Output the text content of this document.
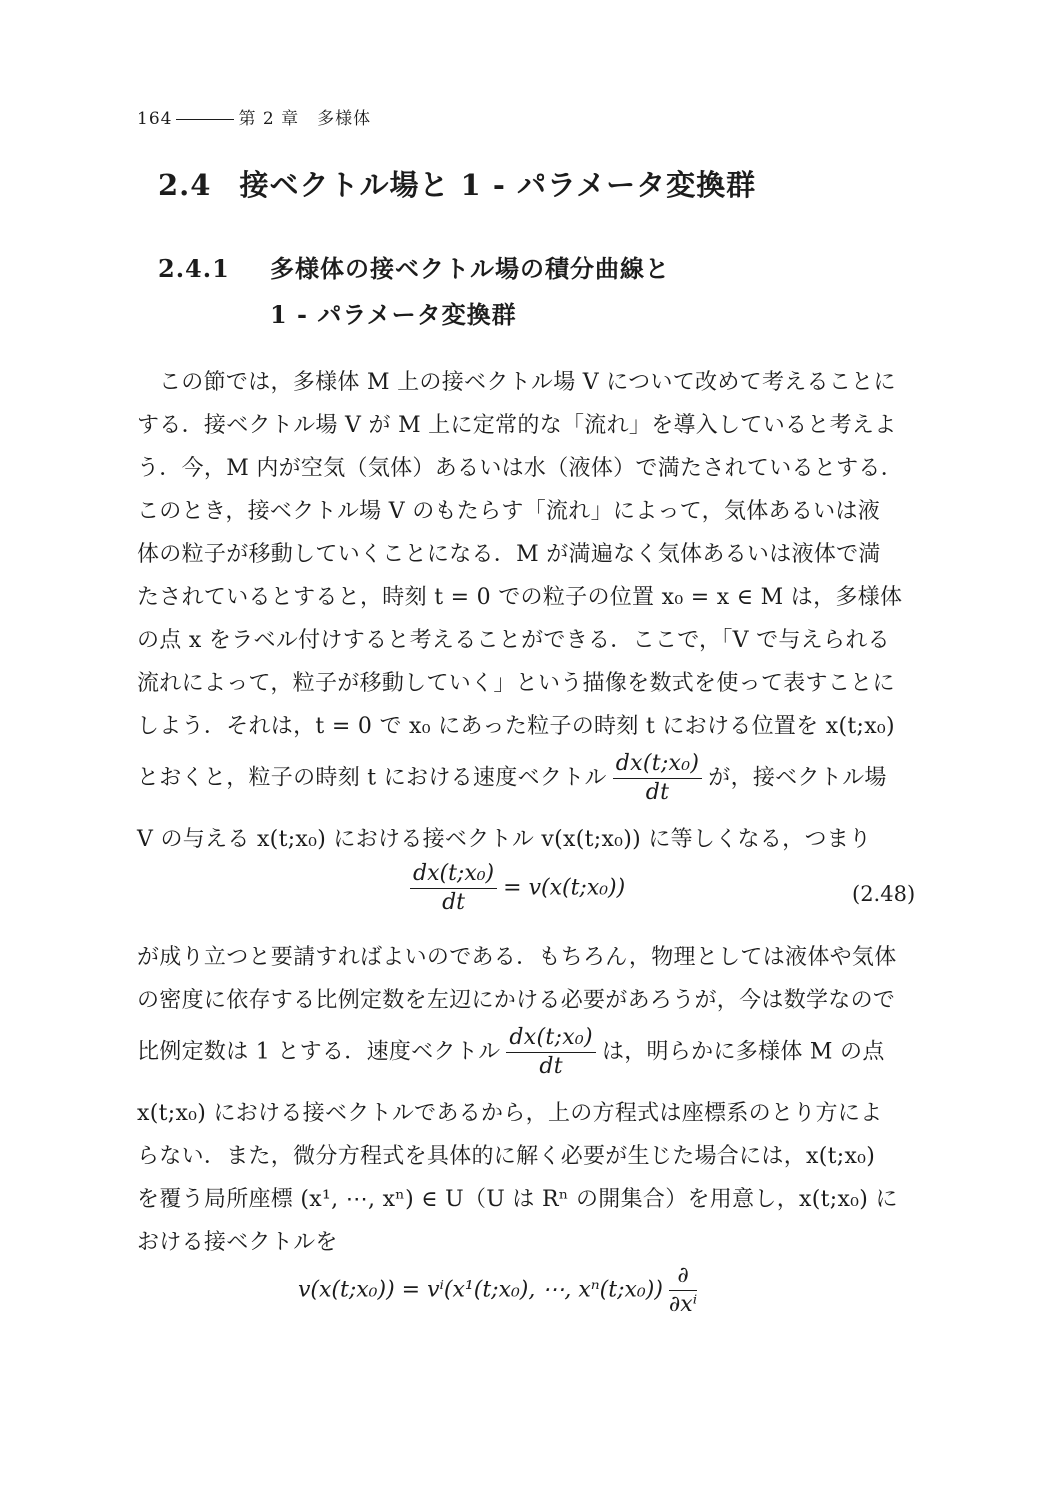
164	第 2 章　多様体
2.4 接ベクトル場と 1 - パラメータ変換群
2.4.1 多様体の接ベクトル場の積分曲線と
1 - パラメータ変換群
この節では，多様体 M 上の接ベクトル場 V について改めて考えることに
する．接ベクトル場 V が M 上に定常的な「流れ」を導入していると考えよ
う．今，M 内が空気（気体）あるいは水（液体）で満たされているとする．
このとき，接ベクトル場 V のもたらす「流れ」によって，気体あるいは液
体の粒子が移動していくことになる．M が満遍なく気体あるいは液体で満
たされているとすると，時刻 t = 0 での粒子の位置 x₀ = x ∈ M は，多様体
の点 x をラベル付けすると考えることができる．ここで，「V で与えられる
流れによって，粒子が移動していく」という描像を数式を使って表すことに
しよう．それは，t = 0 で x₀ にあった粒子の時刻 t における位置を x(t;x₀)
とおくと，粒子の時刻 t における速度ベクトル $\frac{\text{dx(t;x₀)}}{dt}$ が，接ベクトル場
V の与える x(t;x₀) における接ベクトル v(x(t;x₀)) に等しくなる，つまり
$\frac{\text{dx(t;x₀)}}{dt}$ = v(x(t;x₀))	(2.48)
が成り立つと要請すればよいのである．もちろん，物理としては液体や気体
の密度に依存する比例定数を左辺にかける必要があろうが，今は数学なので
比例定数は 1 とする．速度ベクトル $\frac{\text{dx(t;x₀)}}{dt}$ は，明らかに多様体 M の点
x(t;x₀) における接ベクトルであるから，上の方程式は座標系のとり方によ
らない．また，微分方程式を具体的に解く必要が生じた場合には，x(t;x₀)
を覆う局所座標 (x¹, ⋯, xⁿ) ∈ U（U は Rⁿ の開集合）を用意し，x(t;x₀) に
おける接ベクトルを
v(x(t;x₀)) = vⁱ(x¹(t;x₀), ⋯, xⁿ(t;x₀)) $\frac{\partial}{\text{∂xⁱ}}$
